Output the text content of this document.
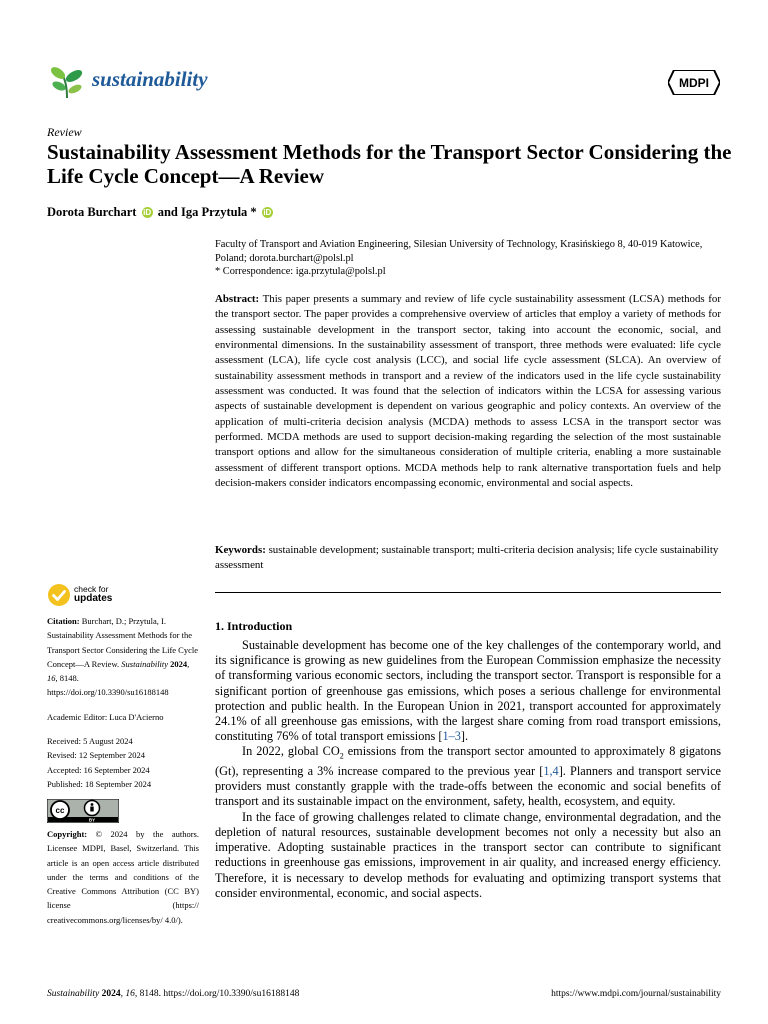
sustainability	MDPI
Review
Sustainability Assessment Methods for the Transport Sector Considering the Life Cycle Concept—A Review
Dorota Burchart iD and Iga Przytula * iD
Faculty of Transport and Aviation Engineering, Silesian University of Technology, Krasińskiego 8, 40-019 Katowice, Poland; dorota.burchart@polsl.pl
* Correspondence: iga.przytula@polsl.pl
Abstract: This paper presents a summary and review of life cycle sustainability assessment (LCSA) methods for the transport sector. The paper provides a comprehensive overview of articles that employ a variety of methods for assessing sustainable development in the transport sector, taking into account the economic, social, and environmental dimensions. In the sustainability assessment of transport, three methods were evaluated: life cycle assessment (LCA), life cycle cost analysis (LCC), and social life cycle assessment (SLCA). An overview of sustainability assessment methods in transport and a review of the indicators used in the life cycle sustainability assessment was conducted. It was found that the selection of indicators within the LCSA for assessing various aspects of sustainable development is dependent on various geographic and policy contexts. An overview of the application of multi-criteria decision analysis (MCDA) methods to assess LCSA in the transport sector was performed. MCDA methods are used to support decision-making regarding the selection of the most sustainable transport options and allow for the simultaneous consideration of multiple criteria, enabling a more sustainable assessment of different transport options. MCDA methods help to rank alternative transportation fuels and help decision-makers consider indicators encompassing economic, environmental and social aspects.
Keywords: sustainable development; sustainable transport; multi-criteria decision analysis; life cycle sustainability assessment
1. Introduction

Sustainable development has become one of the key challenges of the contemporary world, and its significance is growing as new guidelines from the European Commission emphasize the necessity of transforming various economic sectors, including the transport sector. Transport is responsible for a significant portion of greenhouse gas emissions, which poses a serious challenge for environmental protection and public health. In the European Union in 2021, transport accounted for approximately 24.1% of all greenhouse gas emissions, with the largest share coming from road transport emissions, constituting 76% of total transport emissions [1–3].

In 2022, global $CO_2$ emissions from the transport sector amounted to approximately 8 gigatons (Gt), representing a 3% increase compared to the previous year [1,4]. Planners and transport service providers must constantly grapple with the trade-offs between the economic and social benefits of transport and its sustainable impact on the environment, safety, health, ecosystem, and equity.

In the face of growing challenges related to climate change, environmental degradation, and the depletion of natural resources, sustainable development becomes not only a necessity but also an imperative. Adopting sustainable practices in the transport sector can contribute to significant reductions in greenhouse gas emissions, improvement in air quality, and increased energy efficiency. Therefore, it is necessary to develop methods for evaluating and optimizing transport systems that consider environmental, economic, and social aspects.

check for
updates
Citation: Burchart, D.; Przytula, I. Sustainability Assessment Methods for the Transport Sector Considering the Life Cycle Concept—A Review. Sustainability 2024, 16, 8148. https://doi.org/10.3390/su16188148
Academic Editor: Luca D'Acierno
Received: 5 August 2024
Revised: 12 September 2024
Accepted: 16 September 2024
Published: 18 September 2024
cc
BY
Copyright: © 2024 by the authors. Licensee MDPI, Basel, Switzerland. This article is an open access article distributed under the terms and conditions of the Creative Commons Attribution (CC BY) license (https:// creativecommons.org/licenses/by/ 4.0/).
Sustainability 2024, 16, 8148. https://doi.org/10.3390/su16188148	https://www.mdpi.com/journal/sustainability
